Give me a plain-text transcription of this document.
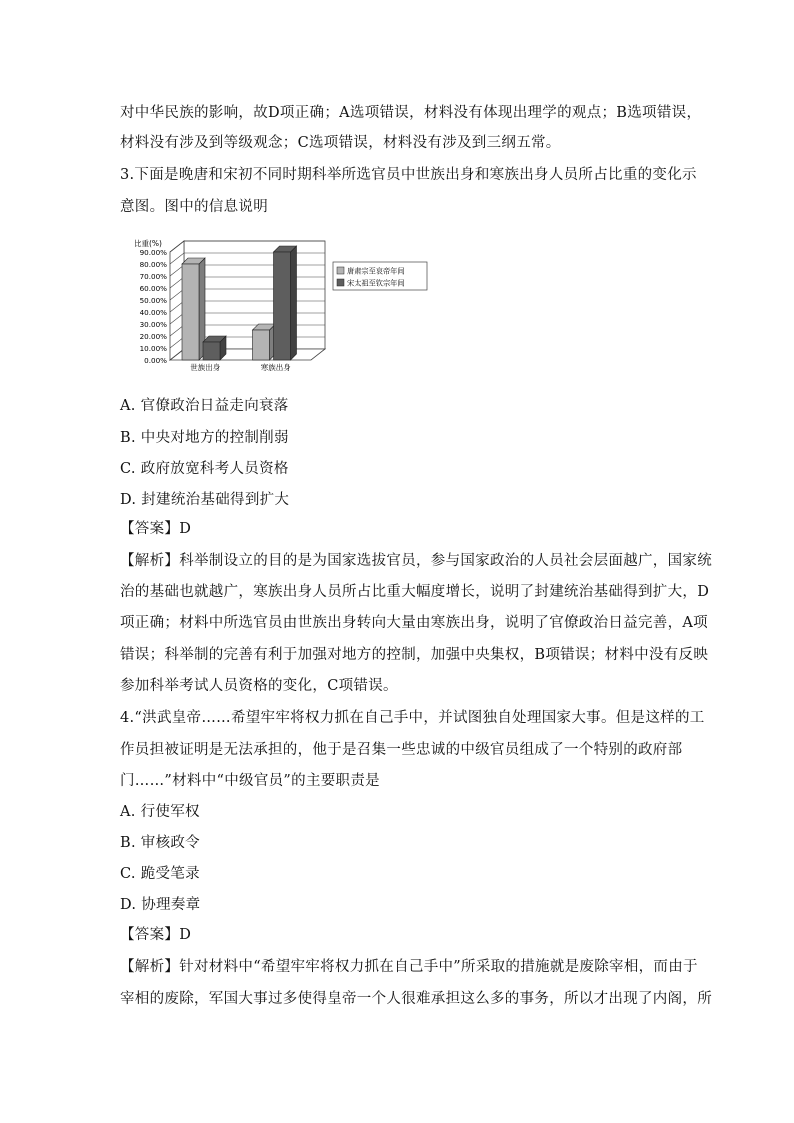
对中华民族的影响，故D项正确；A选项错误，材料没有体现出理学的观点；B选项错误，
材料没有涉及到等级观念；C选项错误，材料没有涉及到三纲五常。
3.下面是晚唐和宋初不同时期科举所选官员中世族出身和寒族出身人员所占比重的变化示
意图。图中的信息说明
比重(%)
0.00%
10.00%
20.00%
30.00%
40.00%
50.00%
60.00%
70.00%
80.00%
90.00%
世族出身	寒族出身
唐肃宗至哀帝年间
宋太祖至钦宗年间
A. 官僚政治日益走向衰落
B. 中央对地方的控制削弱
C. 政府放宽科考人员资格
D. 封建统治基础得到扩大
【答案】D
【解析】科举制设立的目的是为国家选拔官员，参与国家政治的人员社会层面越广，国家统
治的基础也就越广，寒族出身人员所占比重大幅度增长，说明了封建统治基础得到扩大，D
项正确；材料中所选官员由世族出身转向大量由寒族出身，说明了官僚政治日益完善，A项
错误；科举制的完善有利于加强对地方的控制，加强中央集权，B项错误；材料中没有反映
参加科举考试人员资格的变化，C项错误。
4.“洪武皇帝……希望牢牢将权力抓在自己手中，并试图独自处理国家大事。但是这样的工
作员担被证明是无法承担的，他于是召集一些忠诚的中级官员组成了一个特别的政府部
门……”材料中“中级官员”的主要职责是
A. 行使军权
B. 审核政令
C. 跪受笔录
D. 协理奏章
【答案】D
【解析】针对材料中“希望牢牢将权力抓在自己手中”所采取的措施就是废除宰相，而由于
宰相的废除，军国大事过多使得皇帝一个人很难承担这么多的事务，所以才出现了内阁，所
